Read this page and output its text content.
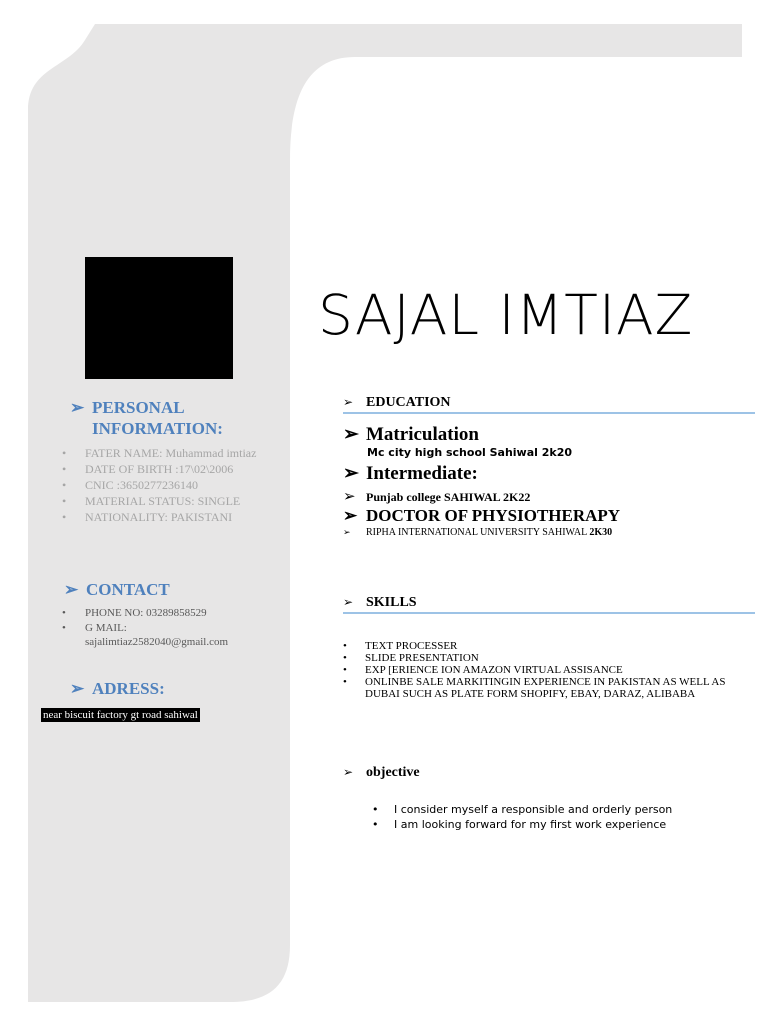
➢ PERSONAL
INFORMATION:
• FATER NAME: Muhammad imtiaz
• DATE OF BIRTH :17\02\2006
• CNIC :3650277236140
• MATERIAL STATUS: SINGLE
• NATIONALITY: PAKISTANI
➢ CONTACT
• PHONE NO: 03289858529
• G MAIL:
sajalimtiaz2582040@gmail.com
➢ ADRESS:
near biscuit factory gt road sahiwal
SAJAL IMTIAZ
➢ EDUCATION
➢ Matriculation
Mc city high school Sahiwal 2k20
➢ Intermediate:
➢ Punjab college SAHIWAL 2K22
➢ DOCTOR OF PHYSIOTHERAPY
➢ RIPHA INTERNATIONAL UNIVERSITY SAHIWAL 2K30
➢ SKILLS
• TEXT PROCESSER
• SLIDE PRESENTATION
• EXP [ERIENCE ION AMAZON VIRTUAL ASSISANCE
• ONLINBE SALE MARKITINGIN EXPERIENCE IN PAKISTAN AS WELL AS DUBAI SUCH AS PLATE FORM SHOPIFY, EBAY, DARAZ, ALIBABA
➢ objective
• I consider myself a responsible and orderly person
• I am looking forward for my first work experience
